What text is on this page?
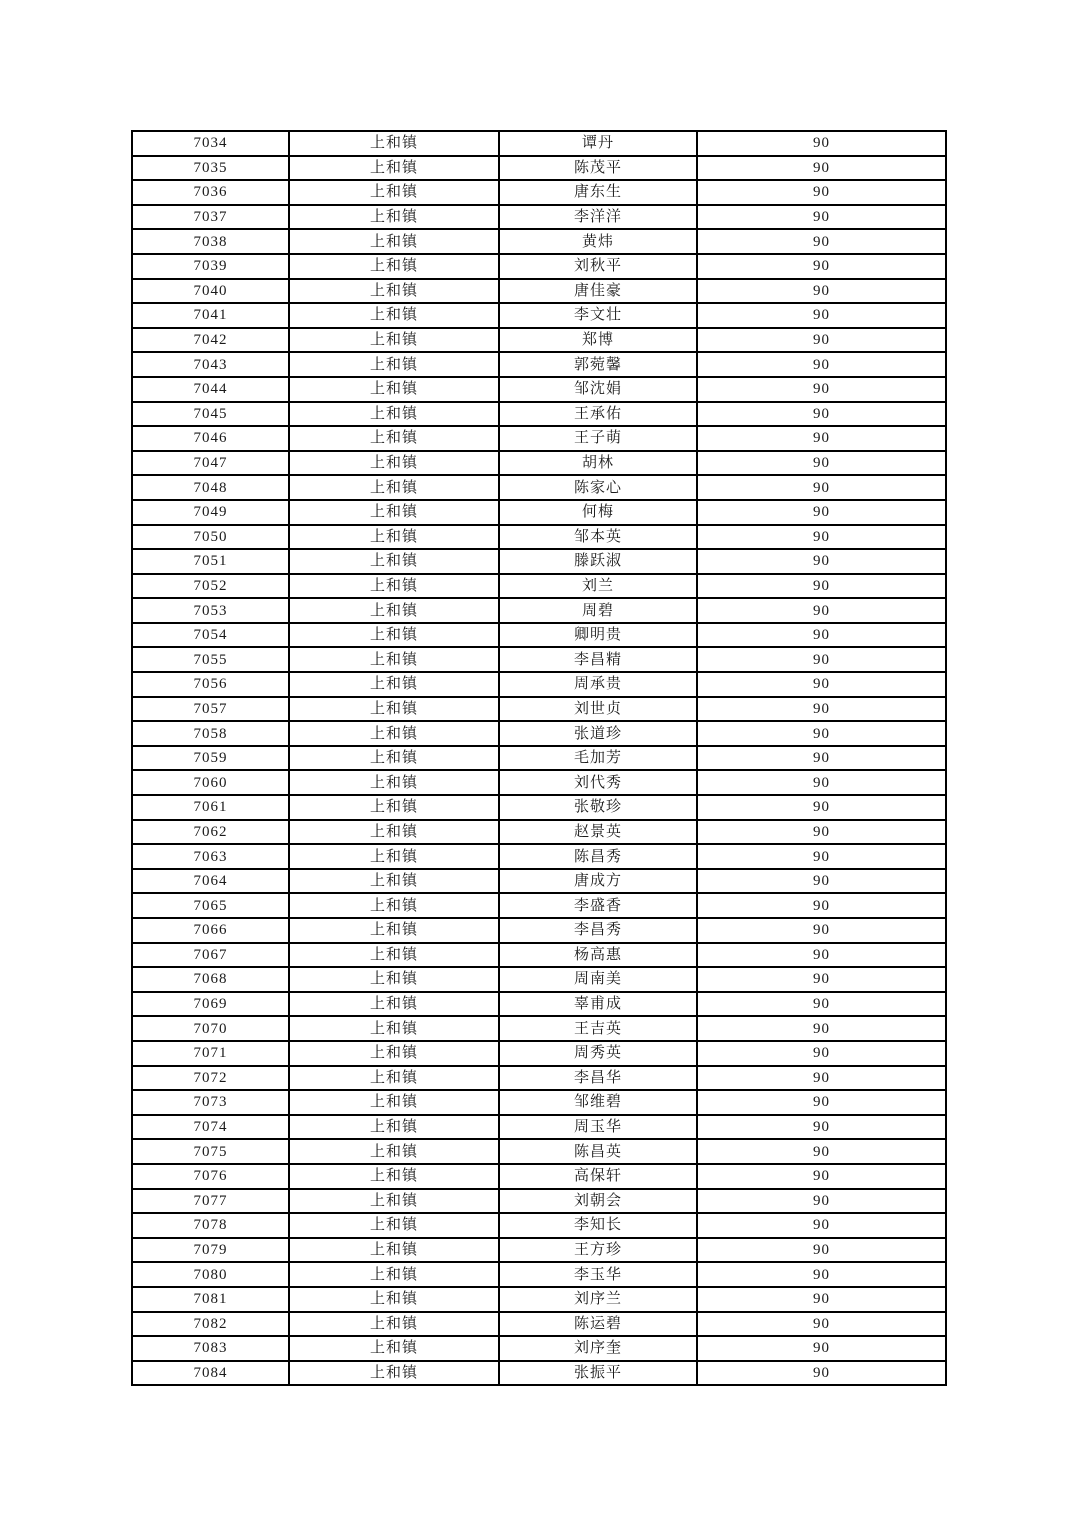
7034	上和镇	谭丹	90
7035	上和镇	陈茂平	90
7036	上和镇	唐东生	90
7037	上和镇	李洋洋	90
7038	上和镇	黄炜	90
7039	上和镇	刘秋平	90
7040	上和镇	唐佳豪	90
7041	上和镇	李文壮	90
7042	上和镇	郑博	90
7043	上和镇	郭菀馨	90
7044	上和镇	邹沈娟	90
7045	上和镇	王承佑	90
7046	上和镇	王子萌	90
7047	上和镇	胡林	90
7048	上和镇	陈家心	90
7049	上和镇	何梅	90
7050	上和镇	邹本英	90
7051	上和镇	滕跃淑	90
7052	上和镇	刘兰	90
7053	上和镇	周碧	90
7054	上和镇	卿明贵	90
7055	上和镇	李昌精	90
7056	上和镇	周承贵	90
7057	上和镇	刘世贞	90
7058	上和镇	张道珍	90
7059	上和镇	毛加芳	90
7060	上和镇	刘代秀	90
7061	上和镇	张敬珍	90
7062	上和镇	赵景英	90
7063	上和镇	陈昌秀	90
7064	上和镇	唐成方	90
7065	上和镇	李盛香	90
7066	上和镇	李昌秀	90
7067	上和镇	杨高惠	90
7068	上和镇	周南美	90
7069	上和镇	辜甫成	90
7070	上和镇	王吉英	90
7071	上和镇	周秀英	90
7072	上和镇	李昌华	90
7073	上和镇	邹维碧	90
7074	上和镇	周玉华	90
7075	上和镇	陈昌英	90
7076	上和镇	高保轩	90
7077	上和镇	刘朝会	90
7078	上和镇	李知长	90
7079	上和镇	王方珍	90
7080	上和镇	李玉华	90
7081	上和镇	刘序兰	90
7082	上和镇	陈运碧	90
7083	上和镇	刘序奎	90
7084	上和镇	张振平	90
